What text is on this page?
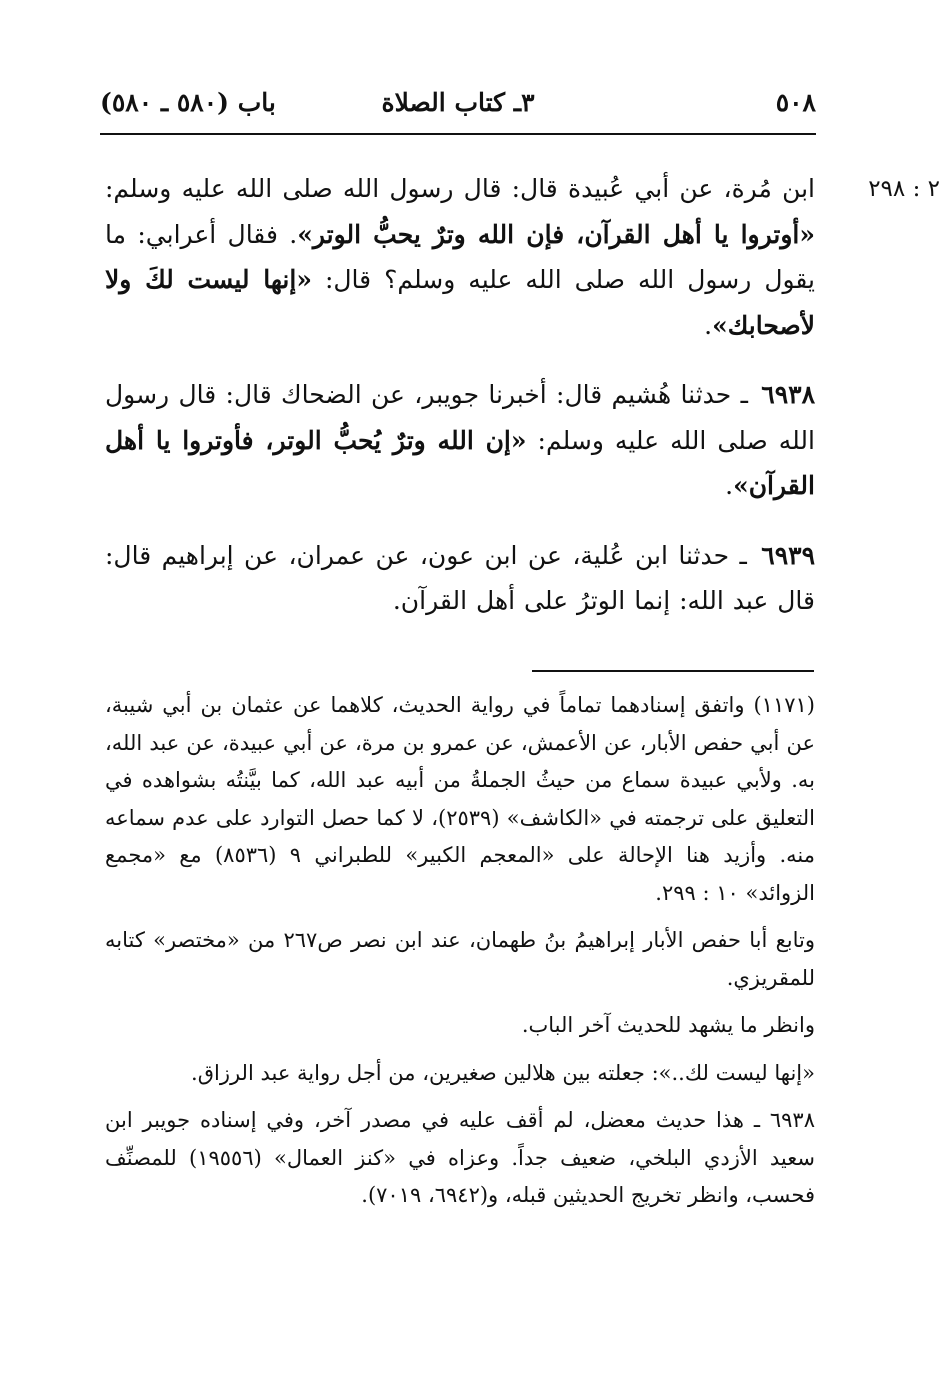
٥٠٨
٣ـ كتاب الصلاة
باب (٥٨٠ ـ ٥٨٠)
٢ : ٢٩٨

ابن مُرة، عن أبي عُبيدة قال: قال رسول الله صلى الله عليه وسلم: «أوتروا يا أهل القرآن، فإن الله وترٌ يحبُّ الوتر». فقال أعرابي: ما يقول رسول الله صلى الله عليه وسلم؟ قال: «إنها ليست لكَ ولا لأصحابك».

٦٩٣٨ ـ حدثنا هُشيم قال: أخبرنا جويبر، عن الضحاك قال: قال رسول الله صلى الله عليه وسلم: «إن الله وترٌ يُحبُّ الوتر، فأوتروا يا أهل القرآن».

٦٩٣٩ ـ حدثنا ابن عُلية، عن ابن عون، عن عمران، عن إبراهيم قال: قال عبد الله: إنما الوترُ على أهل القرآن.

(١١٧١) واتفق إسنادهما تماماً في رواية الحديث، كلاهما عن عثمان بن أبي شيبة، عن أبي حفص الأبار، عن الأعمش، عن عمرو بن مرة، عن أبي عبيدة، عن عبد الله، به. ولأبي عبيدة سماع من حيثُ الجملةُ من أبيه عبد الله، كما بيَّنتُه بشواهده في التعليق على ترجمته في «الكاشف» (٢٥٣٩)، لا كما حصل التوارد على عدم سماعه منه. وأزيد هنا الإحالة على «المعجم الكبير» للطبراني ٩ (٨٥٣٦) مع «مجمع الزوائد» ١٠ : ٢٩٩.

وتابع أبا حفص الأبار إبراهيمُ بنُ طهمان، عند ابن نصر ص٢٦٧ من «مختصر» كتابه للمقريزي.

وانظر ما يشهد للحديث آخر الباب.

«إنها ليست لك..»: جعلته بين هلالين صغيرين، من أجل رواية عبد الرزاق.

٦٩٣٨ ـ هذا حديث معضل، لم أقف عليه في مصدر آخر، وفي إسناده جويبر ابن سعيد الأزدي البلخي، ضعيف جداً. وعزاه في «كنز العمال» (١٩٥٥٦) للمصنِّف فحسب، وانظر تخريج الحديثين قبله، و(٦٩٤٢، ٧٠١٩).
